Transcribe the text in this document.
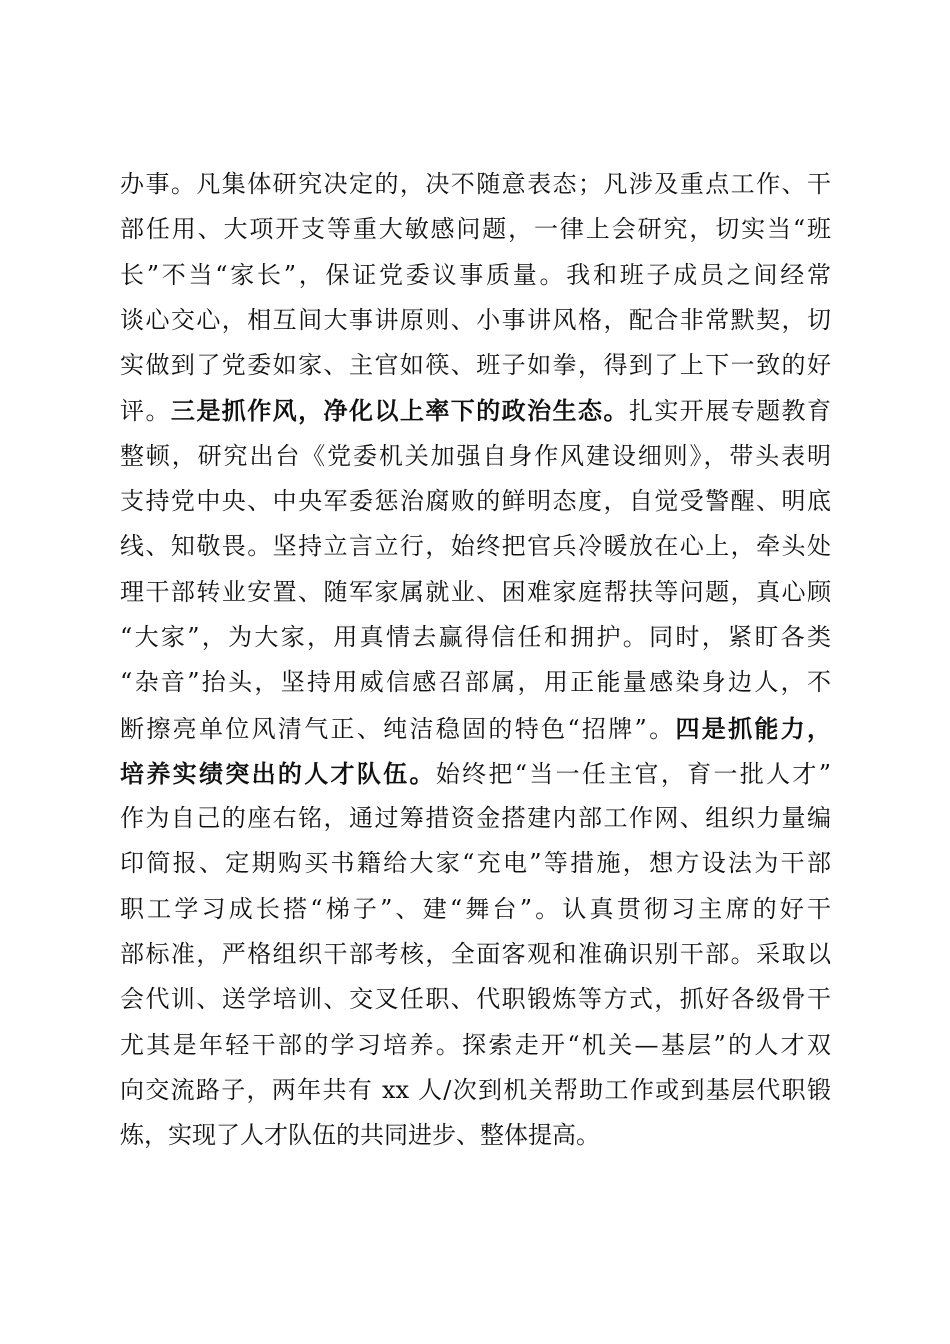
办事。凡集体研究决定的，决不随意表态；凡涉及重点工作、干
部任用、大项开支等重大敏感问题，一律上会研究，切实当“班
长”不当“家长”，保证党委议事质量。我和班子成员之间经常
谈心交心，相互间大事讲原则、小事讲风格，配合非常默契，切
实做到了党委如家、主官如筷、班子如拳，得到了上下一致的好
评。三是抓作风，净化以上率下的政治生态。扎实开展专题教育
整顿，研究出台《党委机关加强自身作风建设细则》，带头表明
支持党中央、中央军委惩治腐败的鲜明态度，自觉受警醒、明底
线、知敬畏。坚持立言立行，始终把官兵冷暖放在心上，牵头处
理干部转业安置、随军家属就业、困难家庭帮扶等问题，真心顾
“大家”，为大家，用真情去赢得信任和拥护。同时，紧盯各类
“杂音”抬头，坚持用威信感召部属，用正能量感染身边人，不
断擦亮单位风清气正、纯洁稳固的特色“招牌”。四是抓能力，
培养实绩突出的人才队伍。始终把“当一任主官，育一批人才”
作为自己的座右铭，通过筹措资金搭建内部工作网、组织力量编
印简报、定期购买书籍给大家“充电”等措施，想方设法为干部
职工学习成长搭“梯子”、建“舞台”。认真贯彻习主席的好干
部标准，严格组织干部考核，全面客观和准确识别干部。采取以
会代训、送学培训、交叉任职、代职锻炼等方式，抓好各级骨干
尤其是年轻干部的学习培养。探索走开“机关—基层”的人才双
向交流路子，两年共有 xx 人/次到机关帮助工作或到基层代职锻
炼，实现了人才队伍的共同进步、整体提高。
